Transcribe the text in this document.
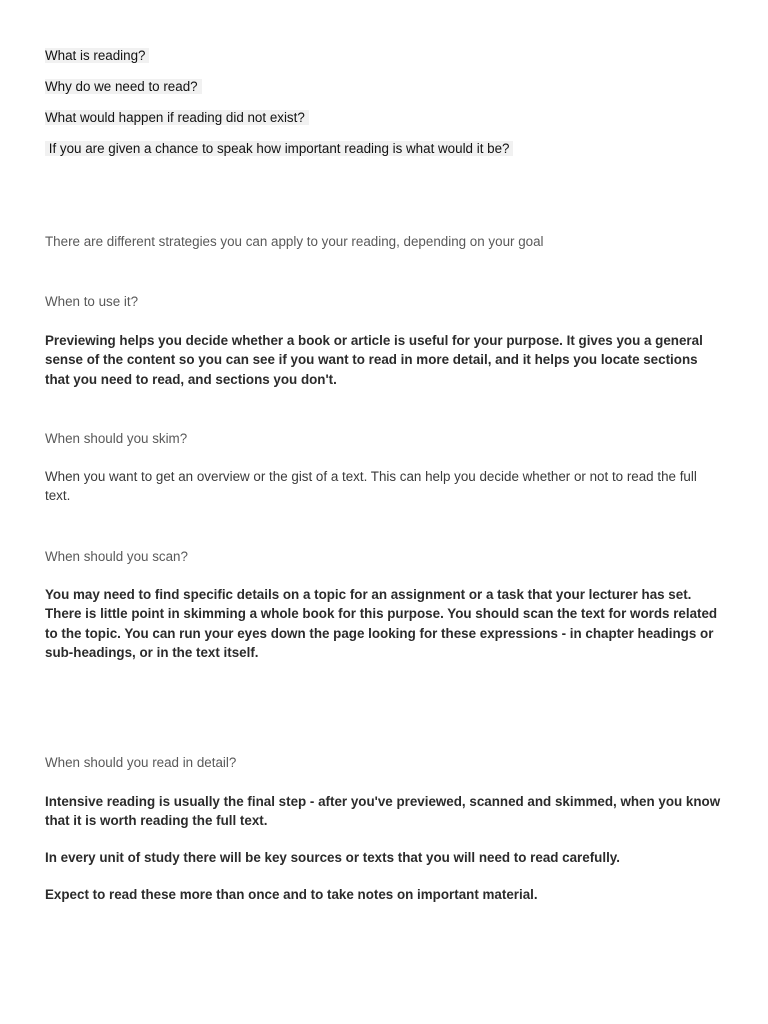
What is reading?
Why do we need to read?
What would happen if reading did not exist?
If you are given a chance to speak how important reading is what would it be?
There are different strategies you can apply to your reading, depending on your goal
When to use it?
Previewing helps you decide whether a book or article is useful for your purpose. It gives you a general sense of the content so you can see if you want to read in more detail, and it helps you locate sections that you need to read, and sections you don't.
When should you skim?
When you want to get an overview or the gist of a text. This can help you decide whether or not to read the full text.
When should you scan?
You may need to find specific details on a topic for an assignment or a task that your lecturer has set. There is little point in skimming a whole book for this purpose. You should scan the text for words related to the topic. You can run your eyes down the page looking for these expressions - in chapter headings or sub-headings, or in the text itself.
When should you read in detail?
Intensive reading is usually the final step - after you've previewed, scanned and skimmed, when you know that it is worth reading the full text.
In every unit of study there will be key sources or texts that you will need to read carefully.
Expect to read these more than once and to take notes on important material.
